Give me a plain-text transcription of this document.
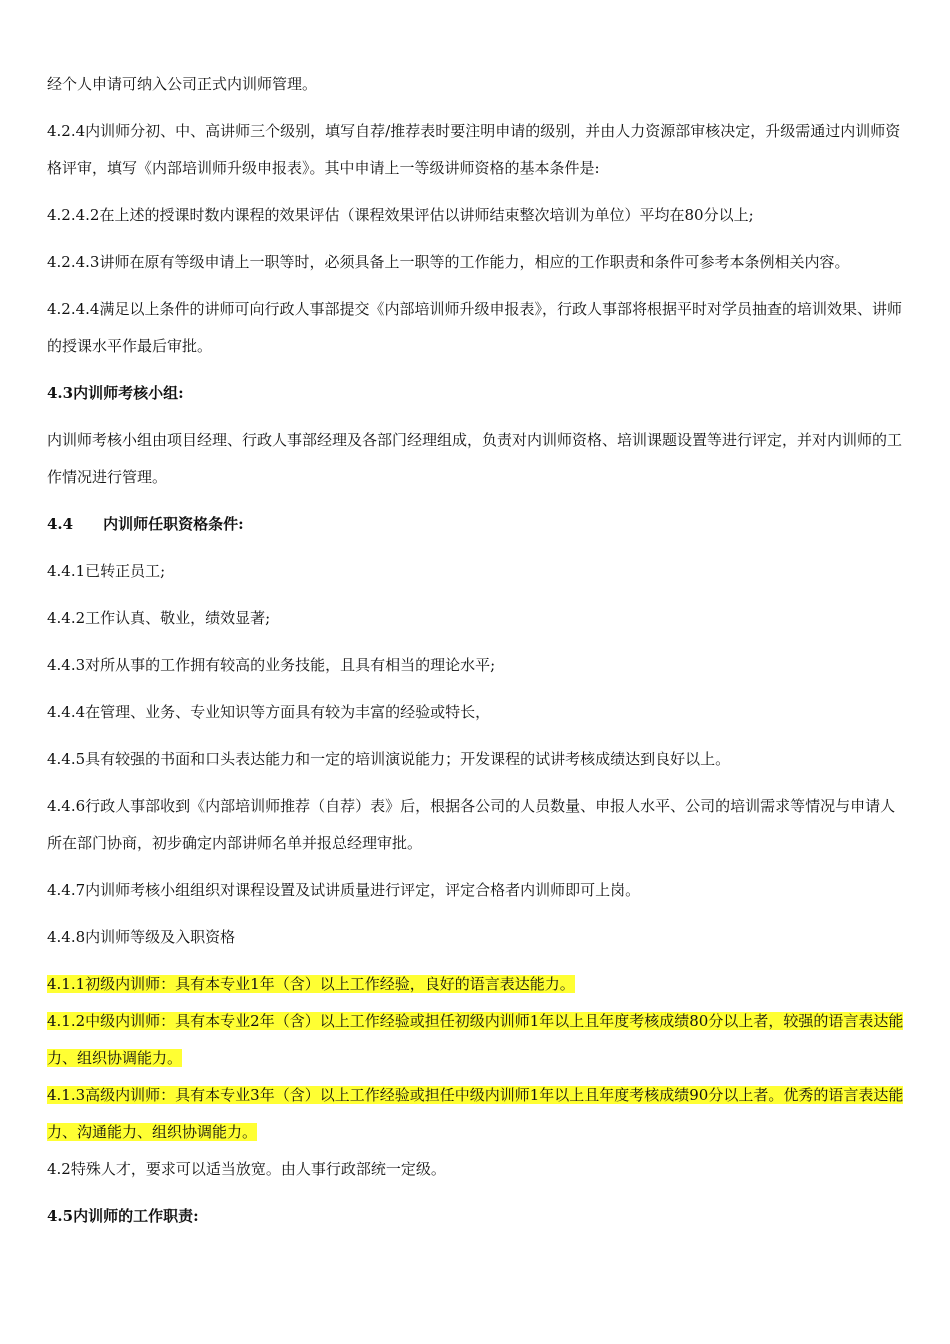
经个人申请可纳入公司正式内训师管理。

4.2.4内训师分初、中、高讲师三个级别，填写自荐/推荐表时要注明申请的级别，并由人力资源部审核决定，升级需通过内训师资格评审，填写《内部培训师升级申报表》。其中申请上一等级讲师资格的基本条件是:

4.2.4.2在上述的授课时数内课程的效果评估（课程效果评估以讲师结束整次培训为单位）平均在80分以上;

4.2.4.3讲师在原有等级申请上一职等时，必须具备上一职等的工作能力，相应的工作职责和条件可参考本条例相关内容。

4.2.4.4满足以上条件的讲师可向行政人事部提交《内部培训师升级申报表》，行政人事部将根据平时对学员抽查的培训效果、讲师的授课水平作最后审批。

4.3内训师考核小组:

内训师考核小组由项目经理、行政人事部经理及各部门经理组成，负责对内训师资格、培训课题设置等进行评定，并对内训师的工作情况进行管理。

4.4 内训师任职资格条件:

4.4.1已转正员工;

4.4.2工作认真、敬业，绩效显著;

4.4.3对所从事的工作拥有较高的业务技能，且具有相当的理论水平;

4.4.4在管理、业务、专业知识等方面具有较为丰富的经验或特长，

4.4.5具有较强的书面和口头表达能力和一定的培训演说能力；开发课程的试讲考核成绩达到良好以上。

4.4.6行政人事部收到《内部培训师推荐（自荐）表》后，根据各公司的人员数量、申报人水平、公司的培训需求等情况与申请人所在部门协商，初步确定内部讲师名单并报总经理审批。

4.4.7内训师考核小组组织对课程设置及试讲质量进行评定，评定合格者内训师即可上岗。

4.4.8内训师等级及入职资格

4.1.1初级内训师：具有本专业1年（含）以上工作经验，良好的语言表达能力。

4.1.2中级内训师：具有本专业2年（含）以上工作经验或担任初级内训师1年以上且年度考核成绩80分以上者，较强的语言表达能力、组织协调能力。

4.1.3高级内训师：具有本专业3年（含）以上工作经验或担任中级内训师1年以上且年度考核成绩90分以上者。优秀的语言表达能力、沟通能力、组织协调能力。

4.2特殊人才，要求可以适当放宽。由人事行政部统一定级。

4.5内训师的工作职责:
